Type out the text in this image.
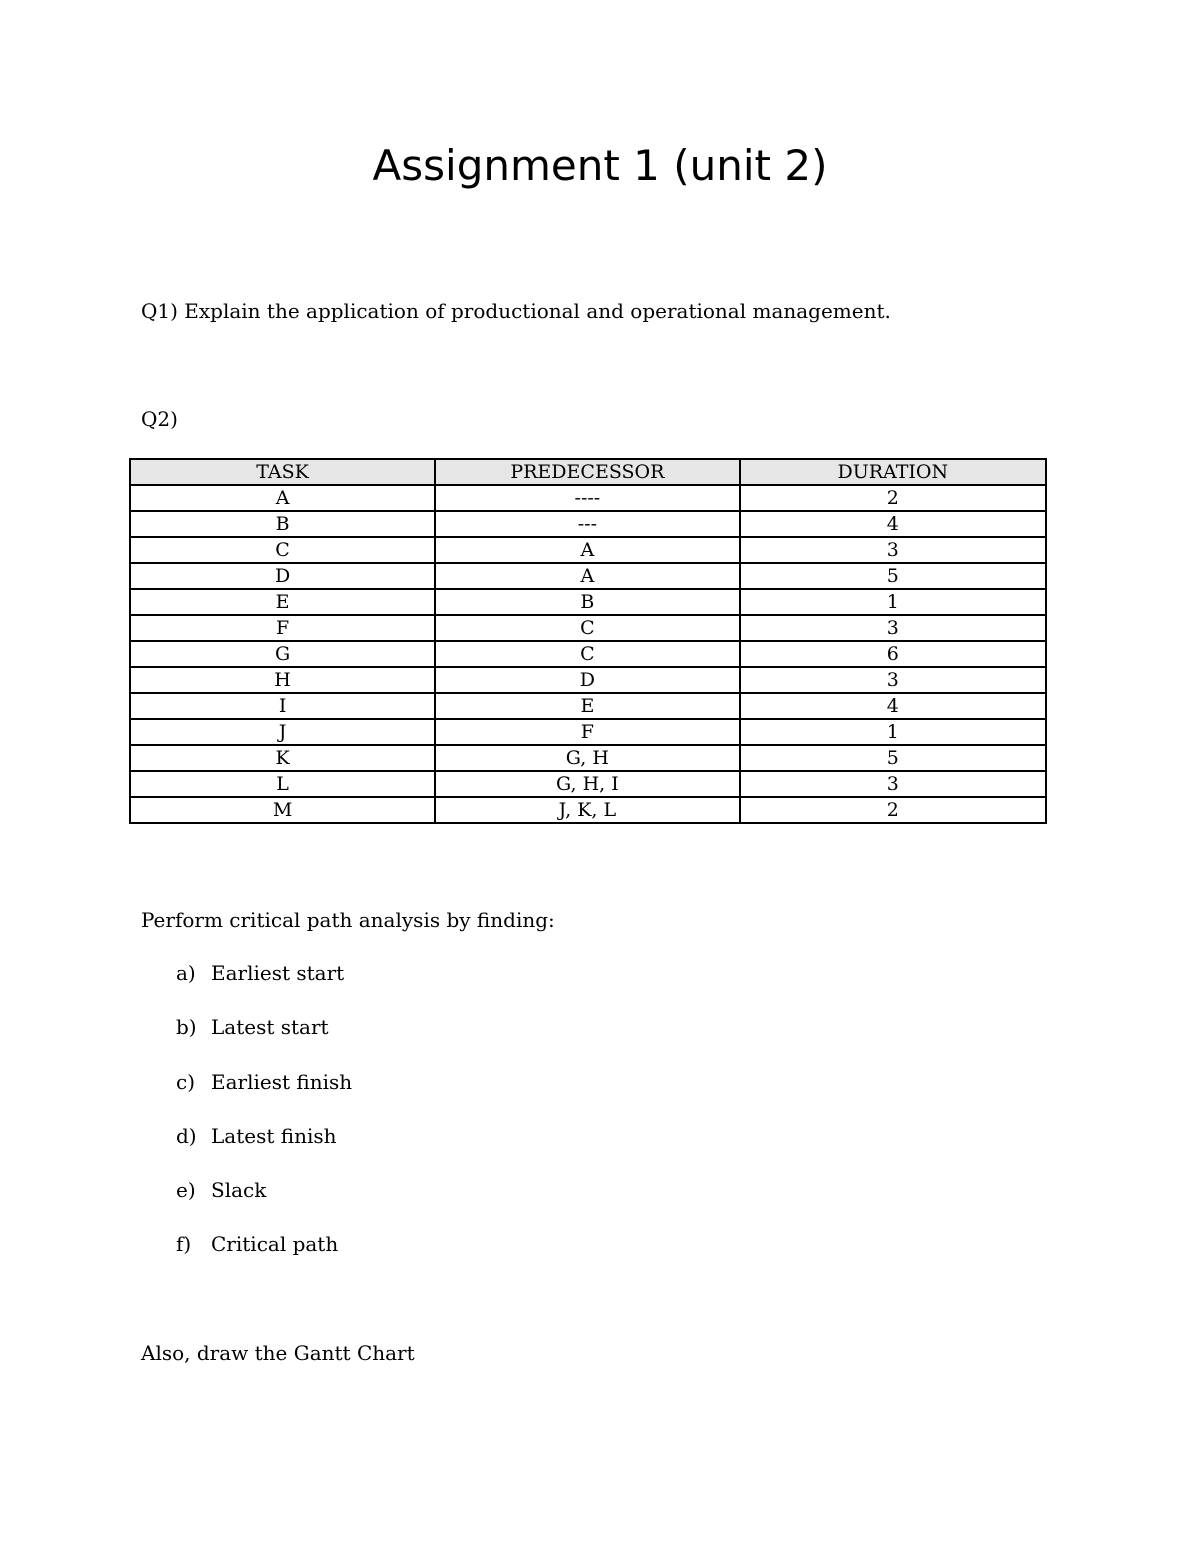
Assignment 1 (unit 2)

Q1) Explain the application of productional and operational management.

Q2)

TASK	PREDECESSOR	DURATION
A	----	2
B	---	4
C	A	3
D	A	5
E	B	1
F	C	3
G	C	6
H	D	3
I	E	4
J	F	1
K	G, H	5
L	G, H, I	3
M	J, K, L	2

Perform critical path analysis by finding:

a) Earliest start
b) Latest start
c) Earliest finish
d) Latest finish
e) Slack
f) Critical path

Also, draw the Gantt Chart
